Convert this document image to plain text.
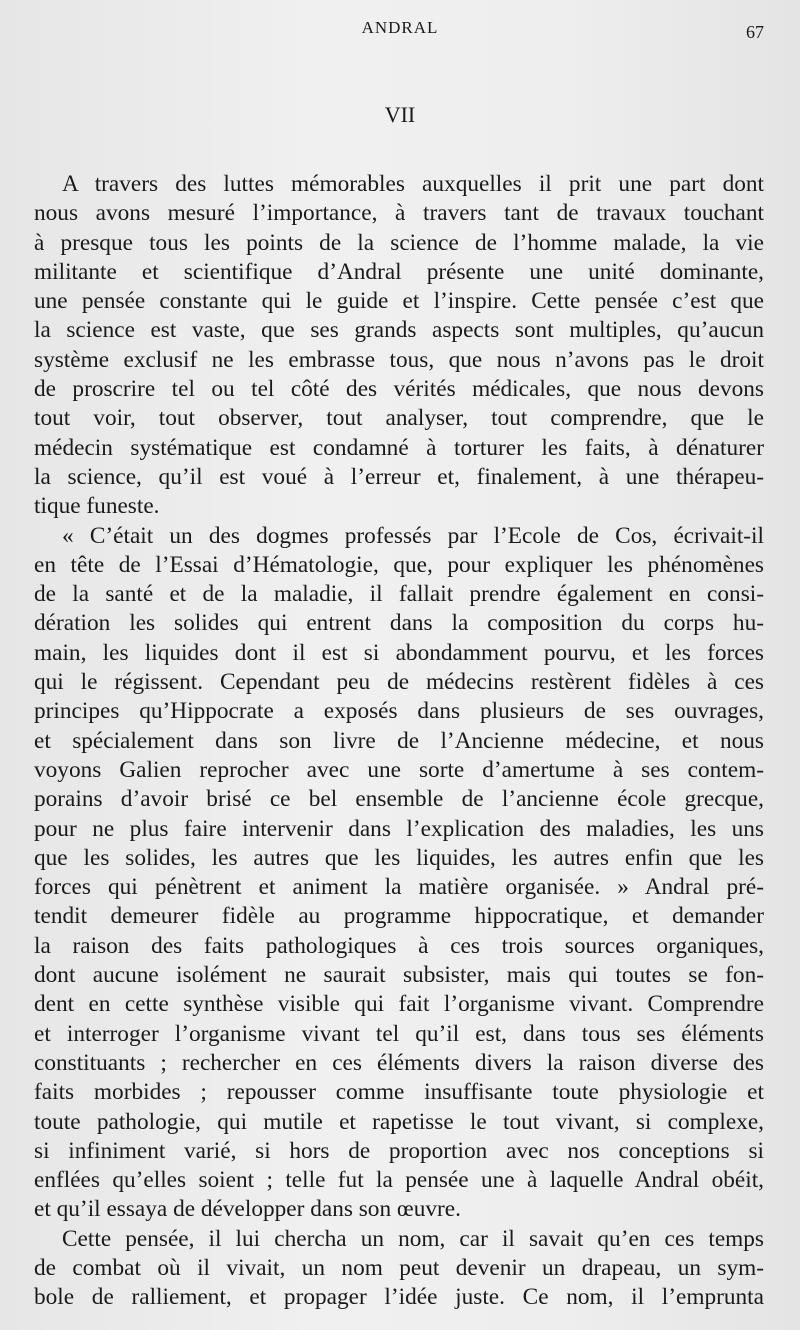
ANDRAL	67
VII
A travers des luttes mémorables auxquelles il prit une part dont
nous avons mesuré l’importance, à travers tant de travaux touchant
à presque tous les points de la science de l’homme malade, la vie
militante et scientifique d’Andral présente une unité dominante,
une pensée constante qui le guide et l’inspire. Cette pensée c’est que
la science est vaste, que ses grands aspects sont multiples, qu’aucun
système exclusif ne les embrasse tous, que nous n’avons pas le droit
de proscrire tel ou tel côté des vérités médicales, que nous devons
tout voir, tout observer, tout analyser, tout comprendre, que le
médecin systématique est condamné à torturer les faits, à dénaturer
la science, qu’il est voué à l’erreur et, finalement, à une thérapeu-
tique funeste.
« C’était un des dogmes professés par l’Ecole de Cos, écrivait-il
en tête de l’Essai d’Hématologie, que, pour expliquer les phénomènes
de la santé et de la maladie, il fallait prendre également en consi-
dération les solides qui entrent dans la composition du corps hu-
main, les liquides dont il est si abondamment pourvu, et les forces
qui le régissent. Cependant peu de médecins restèrent fidèles à ces
principes qu’Hippocrate a exposés dans plusieurs de ses ouvrages,
et spécialement dans son livre de l’Ancienne médecine, et nous
voyons Galien reprocher avec une sorte d’amertume à ses contem-
porains d’avoir brisé ce bel ensemble de l’ancienne école grecque,
pour ne plus faire intervenir dans l’explication des maladies, les uns
que les solides, les autres que les liquides, les autres enfin que les
forces qui pénètrent et animent la matière organisée. » Andral pré-
tendit demeurer fidèle au programme hippocratique, et demander
la raison des faits pathologiques à ces trois sources organiques,
dont aucune isolément ne saurait subsister, mais qui toutes se fon-
dent en cette synthèse visible qui fait l’organisme vivant. Comprendre
et interroger l’organisme vivant tel qu’il est, dans tous ses éléments
constituants ; rechercher en ces éléments divers la raison diverse des
faits morbides ; repousser comme insuffisante toute physiologie et
toute pathologie, qui mutile et rapetisse le tout vivant, si complexe,
si infiniment varié, si hors de proportion avec nos conceptions si
enflées qu’elles soient ; telle fut la pensée une à laquelle Andral obéit,
et qu’il essaya de développer dans son œuvre.
Cette pensée, il lui chercha un nom, car il savait qu’en ces temps
de combat où il vivait, un nom peut devenir un drapeau, un sym-
bole de ralliement, et propager l’idée juste. Ce nom, il l’emprunta
